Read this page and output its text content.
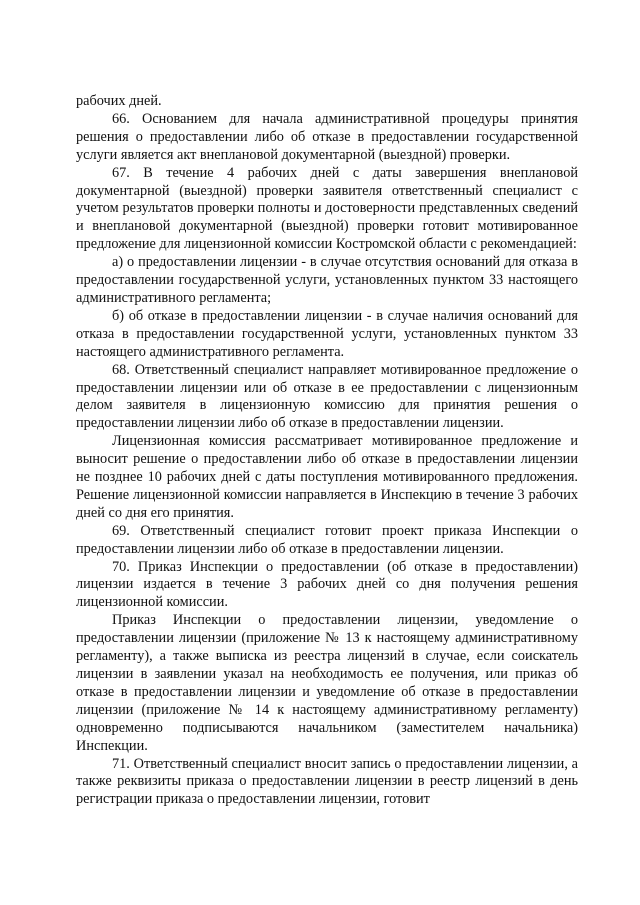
рабочих дней.

66. Основанием для начала административной процедуры принятия решения о предоставлении либо об отказе в предоставлении государственной услуги является акт внеплановой документарной (выездной) проверки.

67. В течение 4 рабочих дней с даты завершения внеплановой документарной (выездной) проверки заявителя ответственный специалист с учетом результатов проверки полноты и достоверности представленных сведений и внеплановой документарной (выездной) проверки готовит мотивированное предложение для лицензионной комиссии Костромской области с рекомендацией:

а) о предоставлении лицензии - в случае отсутствия оснований для отказа в предоставлении государственной услуги, установленных пунктом 33 настоящего административного регламента;

б) об отказе в предоставлении лицензии - в случае наличия оснований для отказа в предоставлении государственной услуги, установленных пунктом 33 настоящего административного регламента.

68. Ответственный специалист направляет мотивированное предложение о предоставлении лицензии или об отказе в ее предоставлении с лицензионным делом заявителя в лицензионную комиссию для принятия решения о предоставлении лицензии либо об отказе в предоставлении лицензии.

Лицензионная комиссия рассматривает мотивированное предложение и выносит решение о предоставлении либо об отказе в предоставлении лицензии не позднее 10 рабочих дней с даты поступления мотивированного предложения. Решение лицензионной комиссии направляется в Инспекцию в течение 3 рабочих дней со дня его принятия.

69. Ответственный специалист готовит проект приказа Инспекции о предоставлении лицензии либо об отказе в предоставлении лицензии.

70. Приказ Инспекции о предоставлении (об отказе в предоставлении) лицензии издается в течение 3 рабочих дней со дня получения решения лицензионной комиссии.

Приказ Инспекции о предоставлении лицензии, уведомление о предоставлении лицензии (приложение № 13 к настоящему административному регламенту), а также выписка из реестра лицензий в случае, если соискатель лицензии в заявлении указал на необходимость ее получения, или приказ об отказе в предоставлении лицензии и уведомление об отказе в предоставлении лицензии (приложение № 14 к настоящему административному регламенту) одновременно подписываются начальником (заместителем начальника) Инспекции.

71. Ответственный специалист вносит запись о предоставлении лицензии, а также реквизиты приказа о предоставлении лицензии в реестр лицензий в день регистрации приказа о предоставлении лицензии, готовит
